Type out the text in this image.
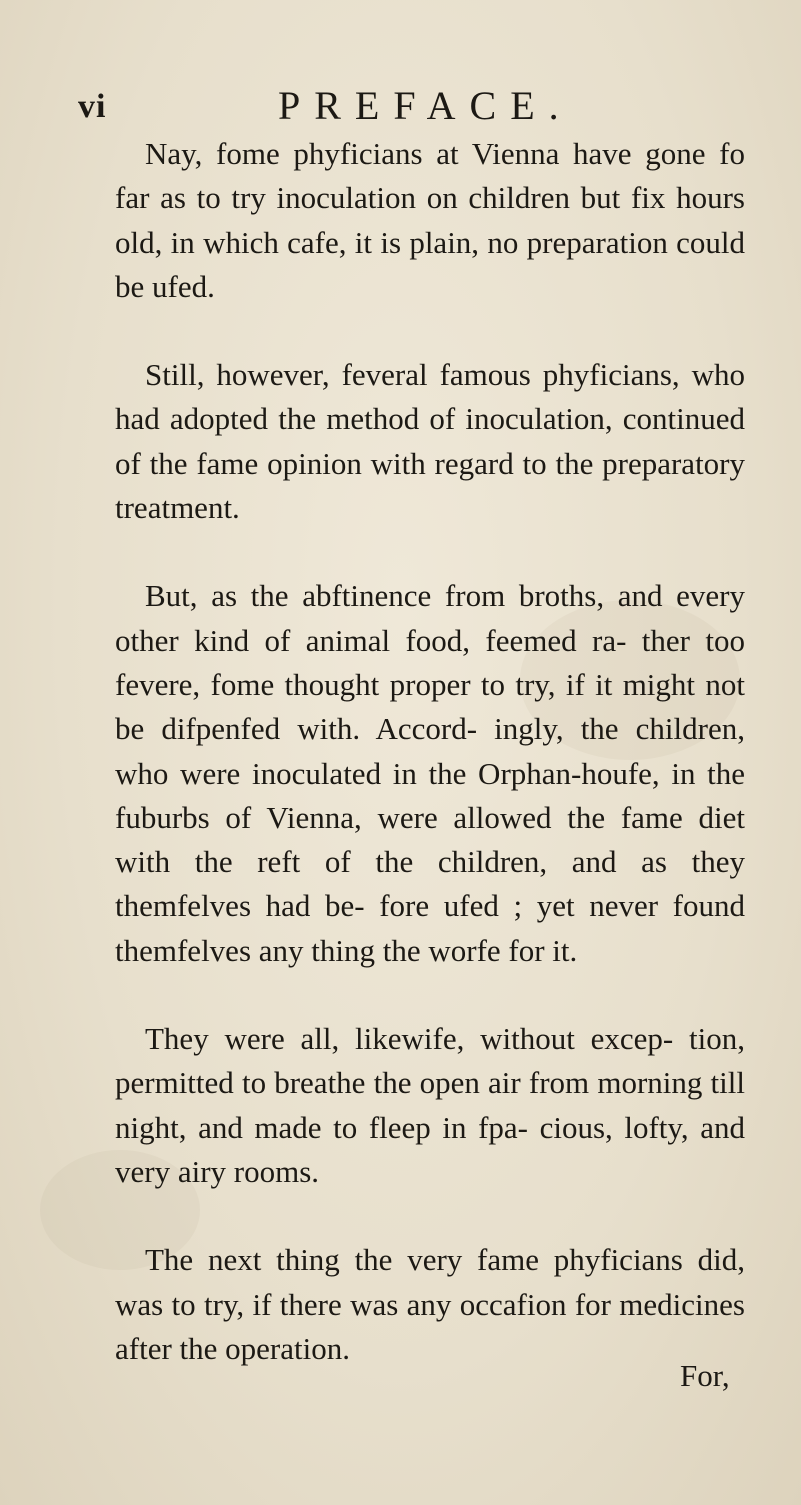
vi	PREFACE.

Nay, fome phyficians at Vienna have gone fo far as to try inoculation on children but fix hours old, in which cafe, it is plain, no preparation could be ufed.

Still, however, feveral famous phyficians, who had adopted the method of inoculation, continued of the fame opinion with regard to the preparatory treatment.

But, as the abftinence from broths, and every other kind of animal food, feemed ra- ther too fevere, fome thought proper to try, if it might not be difpenfed with. Accord- ingly, the children, who were inoculated in the Orphan-houfe, in the fuburbs of Vienna, were allowed the fame diet with the reft of the children, and as they themfelves had be- fore ufed ; yet never found themfelves any thing the worfe for it.

They were all, likewife, without excep- tion, permitted to breathe the open air from morning till night, and made to fleep in fpa- cious, lofty, and very airy rooms.

The next thing the very fame phyficians did, was to try, if there was any occafion for medicines after the operation.

For,
